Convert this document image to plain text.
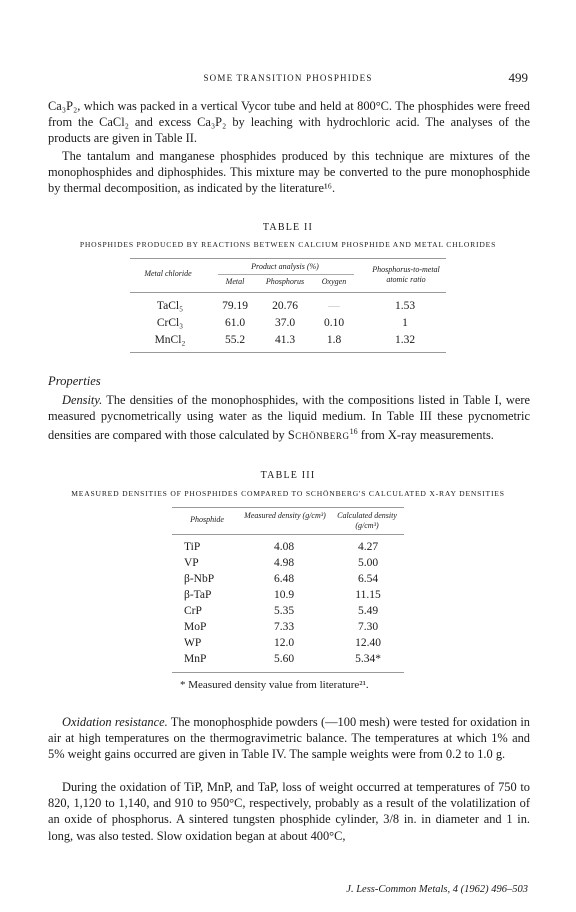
SOME TRANSITION PHOSPHIDES	499

Ca₃P₂, which was packed in a vertical Vycor tube and held at 800°C. The phosphides were freed from the CaCl₂ and excess Ca₃P₂ by leaching with hydrochloric acid. The analyses of the products are given in Table II.

The tantalum and manganese phosphides produced by this technique are mixtures of the monophosphides and diphosphides. This mixture may be converted to the pure monophosphide by thermal decomposition, as indicated by the literature¹⁶.

TABLE II
PHOSPHIDES PRODUCED BY REACTIONS BETWEEN CALCIUM PHOSPHIDE AND METAL CHLORIDES
Metal chloride
Product analysis (%)
Metal	Phosphorus	Oxygen
Phosphorus-to-metal atomic ratio
TaCl₅	79.19	20.76	—	1.53
CrCl₃	61.0	37.0	0.10	1
MnCl₂	55.2	41.3	1.8	1.32
Properties

Density. The densities of the monophosphides, with the compositions listed in Table I, were measured pycnometrically using water as the liquid medium. In Table III these pycnometric densities are compared with those calculated by Schönberg$^{16}$ from X-ray measurements.

TABLE III
MEASURED DENSITIES OF PHOSPHIDES COMPARED TO SCHÖNBERG'S CALCULATED X-RAY DENSITIES
Phosphide	Measured density (g/cm³)	Calculated density (g/cm³)
TiP	4.08	4.27
VP	4.98	5.00
β-NbP	6.48	6.54
β-TaP	10.9	11.15
CrP	5.35	5.49
MoP	7.33	7.30
WP	12.0	12.40
MnP	5.60	5.34*
* Measured density value from literature²¹.

Oxidation resistance. The monophosphide powders (—100 mesh) were tested for oxidation in air at high temperatures on the thermogravimetric balance. The temperatures at which 1% and 5% weight gains occurred are given in Table IV. The sample weights were from 0.2 to 1.0 g.

During the oxidation of TiP, MnP, and TaP, loss of weight occurred at temperatures of 750 to 820, 1,120 to 1,140, and 910 to 950°C, respectively, probably as a result of the volatilization of an oxide of phosphorus. A sintered tungsten phosphide cylinder, 3/8 in. in diameter and 1 in. long, was also tested. Slow oxidation began at about 400°C,

J. Less-Common Metals, 4 (1962) 496–503
